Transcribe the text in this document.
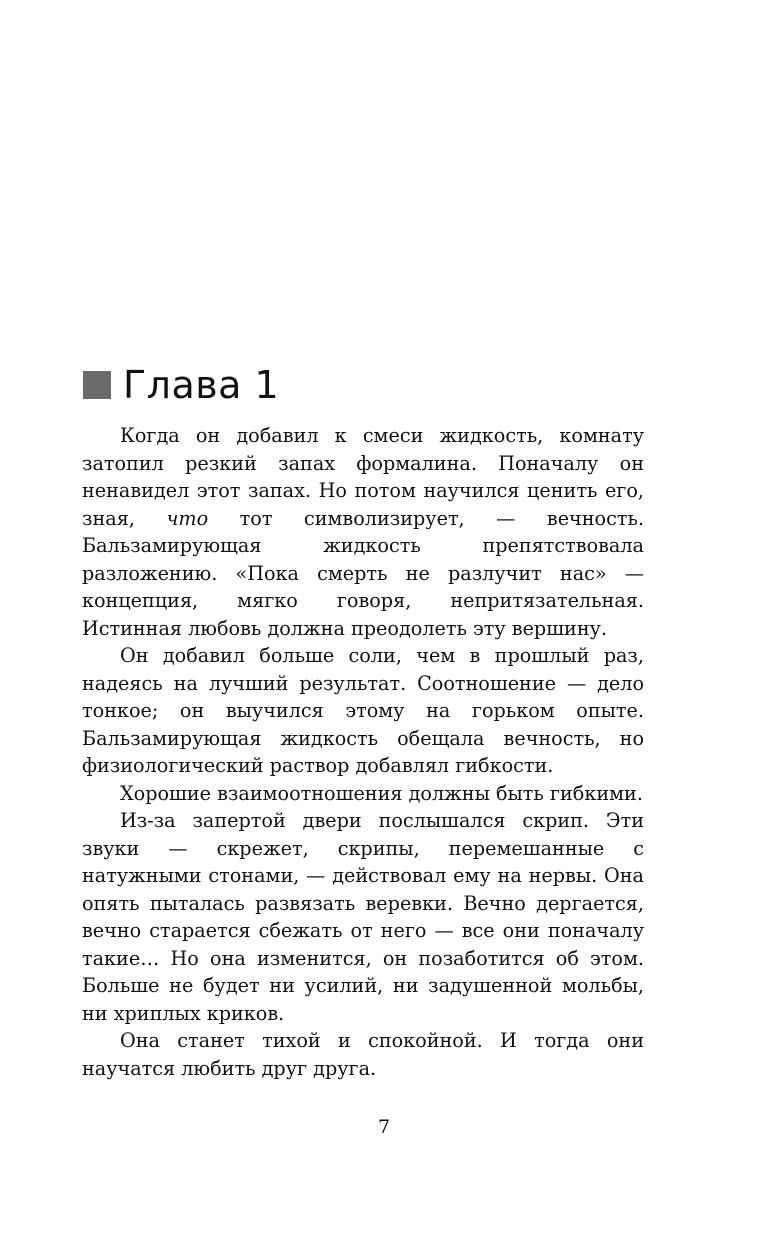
Глава 1

Когда он добавил к смеси жидкость, комнату затопил резкий запах формалина. Поначалу он ненавидел этот запах. Но потом научился ценить его, зная, что тот символизирует, — вечность. Бальзамирующая жидкость препятствовала разложению. «Пока смерть не разлучит нас» — концепция, мягко говоря, непритязательная. Истинная любовь должна преодолеть эту вершину.

Он добавил больше соли, чем в прошлый раз, надеясь на лучший результат. Соотношение — дело тонкое; он выучился этому на горьком опыте. Бальзамирующая жидкость обещала вечность, но физиологический раствор добавлял гибкости.

Хорошие взаимоотношения должны быть гибкими.

Из-за запертой двери послышался скрип. Эти звуки — скрежет, скрипы, перемешанные с натужными стонами, — действовал ему на нервы. Она опять пыталась развязать веревки. Вечно дергается, вечно старается сбежать от него — все они поначалу такие… Но она изменится, он позаботится об этом. Больше не будет ни усилий, ни задушенной мольбы, ни хриплых криков.

Она станет тихой и спокойной. И тогда они научатся любить друг друга.

7
